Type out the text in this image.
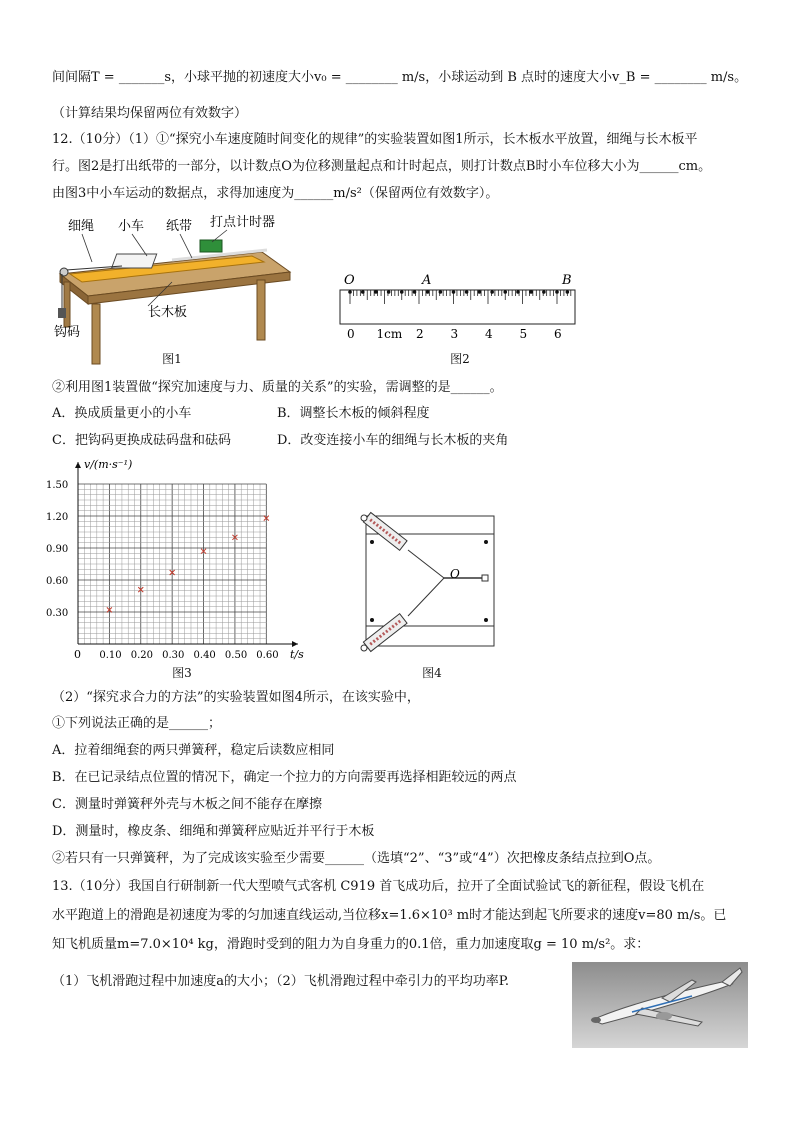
间间隔T = _______s，小球平抛的初速度大小v₀ = ________ m/s，小球运动到 B 点时的速度大小v_B = ________ m/s。
（计算结果均保留两位有效数字）
12.（10分）（1）①“探究小车速度随时间变化的规律”的实验装置如图1所示，长木板水平放置，细绳与长木板平
行。图2是打出纸带的一部分，以计数点O为位移测量起点和计时起点，则打计数点B时小车位移大小为______cm。
由图3中小车运动的数据点，求得加速度为______m/s²（保留两位有效数字）。
细绳 小车 纸带 打点计时器
长木板
钩码
图1
0 1cm 2 3 4 5 6
O	A	B
图2
②利用图1装置做“探究加速度与力、质量的关系”的实验，需调整的是______。
A．换成质量更小的小车	B．调整长木板的倾斜程度
C．把钩码更换成砝码盘和砝码	D．改变连接小车的细绳与长木板的夹角
0.10 0.20 0.30 0.40 0.50 0.60
0.30
0.60
0.90
1.20
1.50
v/(m·s⁻¹)
t/s
0
图3
O
图4
（2）“探究求合力的方法”的实验装置如图4所示，在该实验中，
①下列说法正确的是______；
A．拉着细绳套的两只弹簧秤，稳定后读数应相同
B．在已记录结点位置的情况下，确定一个拉力的方向需要再选择相距较远的两点
C．测量时弹簧秤外壳与木板之间不能存在摩擦
D．测量时，橡皮条、细绳和弹簧秤应贴近并平行于木板
②若只有一只弹簧秤，为了完成该实验至少需要______（选填“2”、“3”或“4”）次把橡皮条结点拉到O点。
13.（10分）我国自行研制新一代大型喷气式客机 C919 首飞成功后，拉开了全面试验试飞的新征程，假设飞机在
水平跑道上的滑跑是初速度为零的匀加速直线运动,当位移x=1.6×10³ m时才能达到起飞所要求的速度v=80 m/s。已
知飞机质量m=7.0×10⁴ kg，滑跑时受到的阻力为自身重力的0.1倍，重力加速度取g = 10 m/s²。求：
（1）飞机滑跑过程中加速度a的大小；（2）飞机滑跑过程中牵引力的平均功率P.
